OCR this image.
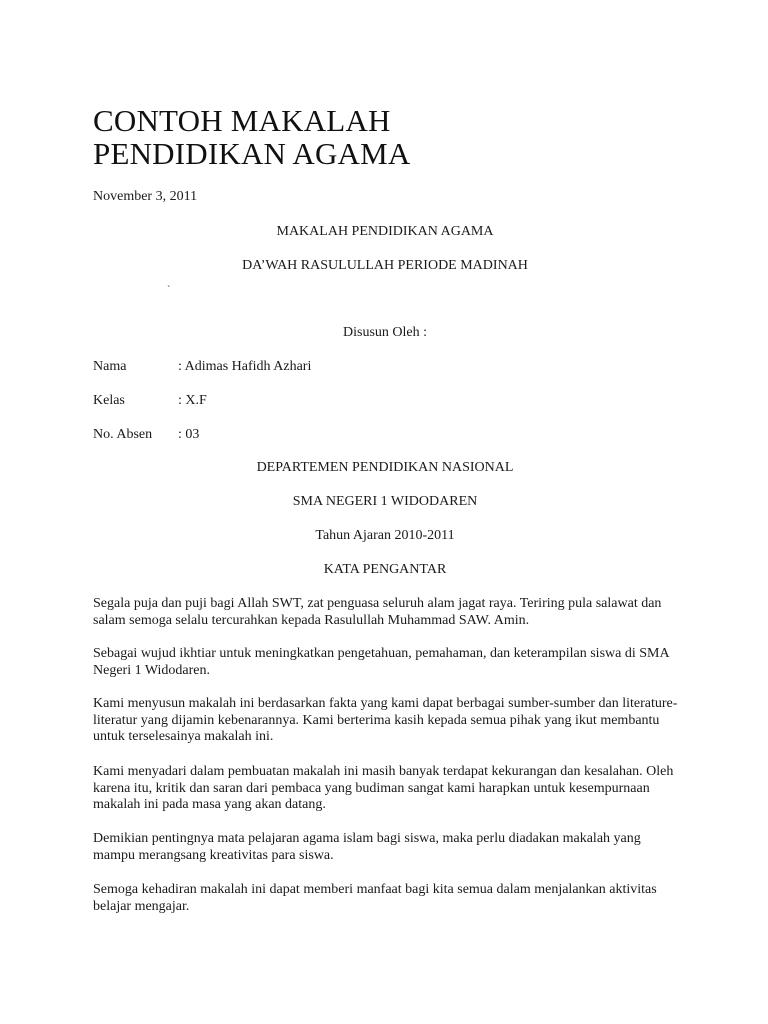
CONTOH MAKALAH
PENDIDIKAN AGAMA
November 3, 2011
MAKALAH PENDIDIKAN AGAMA
DA’WAH RASULULLAH PERIODE MADINAH
`
Disusun Oleh :
Nama	: Adimas Hafidh Azhari
Kelas	: X.F
No. Absen : 03
DEPARTEMEN PENDIDIKAN NASIONAL
SMA NEGERI 1 WIDODAREN
Tahun Ajaran 2010-2011
KATA PENGANTAR
Segala puja dan puji bagi Allah SWT, zat penguasa seluruh alam jagat raya. Teriring pula salawat dan salam semoga selalu tercurahkan kepada Rasulullah Muhammad SAW. Amin.
Sebagai wujud ikhtiar untuk meningkatkan pengetahuan, pemahaman, dan keterampilan siswa di SMA Negeri 1 Widodaren.
Kami menyusun makalah ini berdasarkan fakta yang kami dapat berbagai sumber-sumber dan literature-literatur yang dijamin kebenarannya. Kami berterima kasih kepada semua pihak yang ikut membantu untuk terselesainya makalah ini.
Kami menyadari dalam pembuatan makalah ini masih banyak terdapat kekurangan dan kesalahan. Oleh karena itu, kritik dan saran dari pembaca yang budiman sangat kami harapkan untuk kesempurnaan makalah ini pada masa yang akan datang.
Demikian pentingnya mata pelajaran agama islam bagi siswa, maka perlu diadakan makalah yang mampu merangsang kreativitas para siswa.
Semoga kehadiran makalah ini dapat memberi manfaat bagi kita semua dalam menjalankan aktivitas belajar mengajar.
